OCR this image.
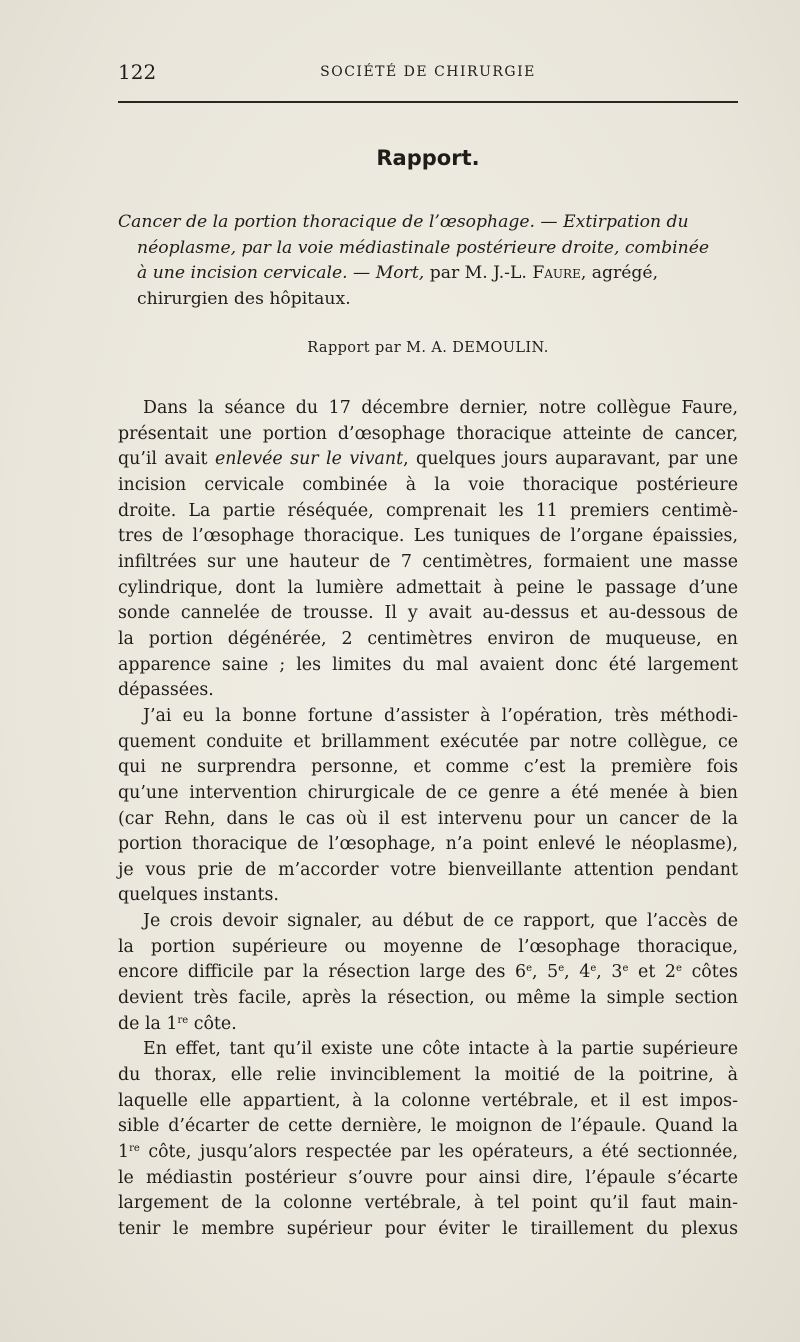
122	SOCIÉTÉ DE CHIRURGIE
Rapport.
Cancer de la portion thoracique de l’œsophage. — Extirpation du
néoplasme, par la voie médiastinale postérieure droite, combinée
à une incision cervicale. — Mort, par M. J.-L. Faure, agrégé,
chirurgien des hôpitaux.
Rapport par M. A. DEMOULIN.
Dans la séance du 17 décembre dernier, notre collègue Faure,
présentait une portion d’œsophage thoracique atteinte de cancer,
qu’il avait enlevée sur le vivant, quelques jours auparavant, par une
incision cervicale combinée à la voie thoracique postérieure
droite. La partie réséquée, comprenait les 11 premiers centimè-
tres de l’œsophage thoracique. Les tuniques de l’organe épaissies,
infiltrées sur une hauteur de 7 centimètres, formaient une masse
cylindrique, dont la lumière admettait à peine le passage d’une
sonde cannelée de trousse. Il y avait au-dessus et au-dessous de
la portion dégénérée, 2 centimètres environ de muqueuse, en
apparence saine ; les limites du mal avaient donc été largement
dépassées.
J’ai eu la bonne fortune d’assister à l’opération, très méthodi-
quement conduite et brillamment exécutée par notre collègue, ce
qui ne surprendra personne, et comme c’est la première fois
qu’une intervention chirurgicale de ce genre a été menée à bien
(car Rehn, dans le cas où il est intervenu pour un cancer de la
portion thoracique de l’œsophage, n’a point enlevé le néoplasme),
je vous prie de m’accorder votre bienveillante attention pendant
quelques instants.
Je crois devoir signaler, au début de ce rapport, que l’accès de
la portion supérieure ou moyenne de l’œsophage thoracique,
encore difficile par la résection large des 6e, 5e, 4e, 3e et 2e côtes
devient très facile, après la résection, ou même la simple section
de la 1re côte.
En effet, tant qu’il existe une côte intacte à la partie supérieure
du thorax, elle relie invinciblement la moitié de la poitrine, à
laquelle elle appartient, à la colonne vertébrale, et il est impos-
sible d’écarter de cette dernière, le moignon de l’épaule. Quand la
1re côte, jusqu’alors respectée par les opérateurs, a été sectionnée,
le médiastin postérieur s’ouvre pour ainsi dire, l’épaule s’écarte
largement de la colonne vertébrale, à tel point qu’il faut main-
tenir le membre supérieur pour éviter le tiraillement du plexus
